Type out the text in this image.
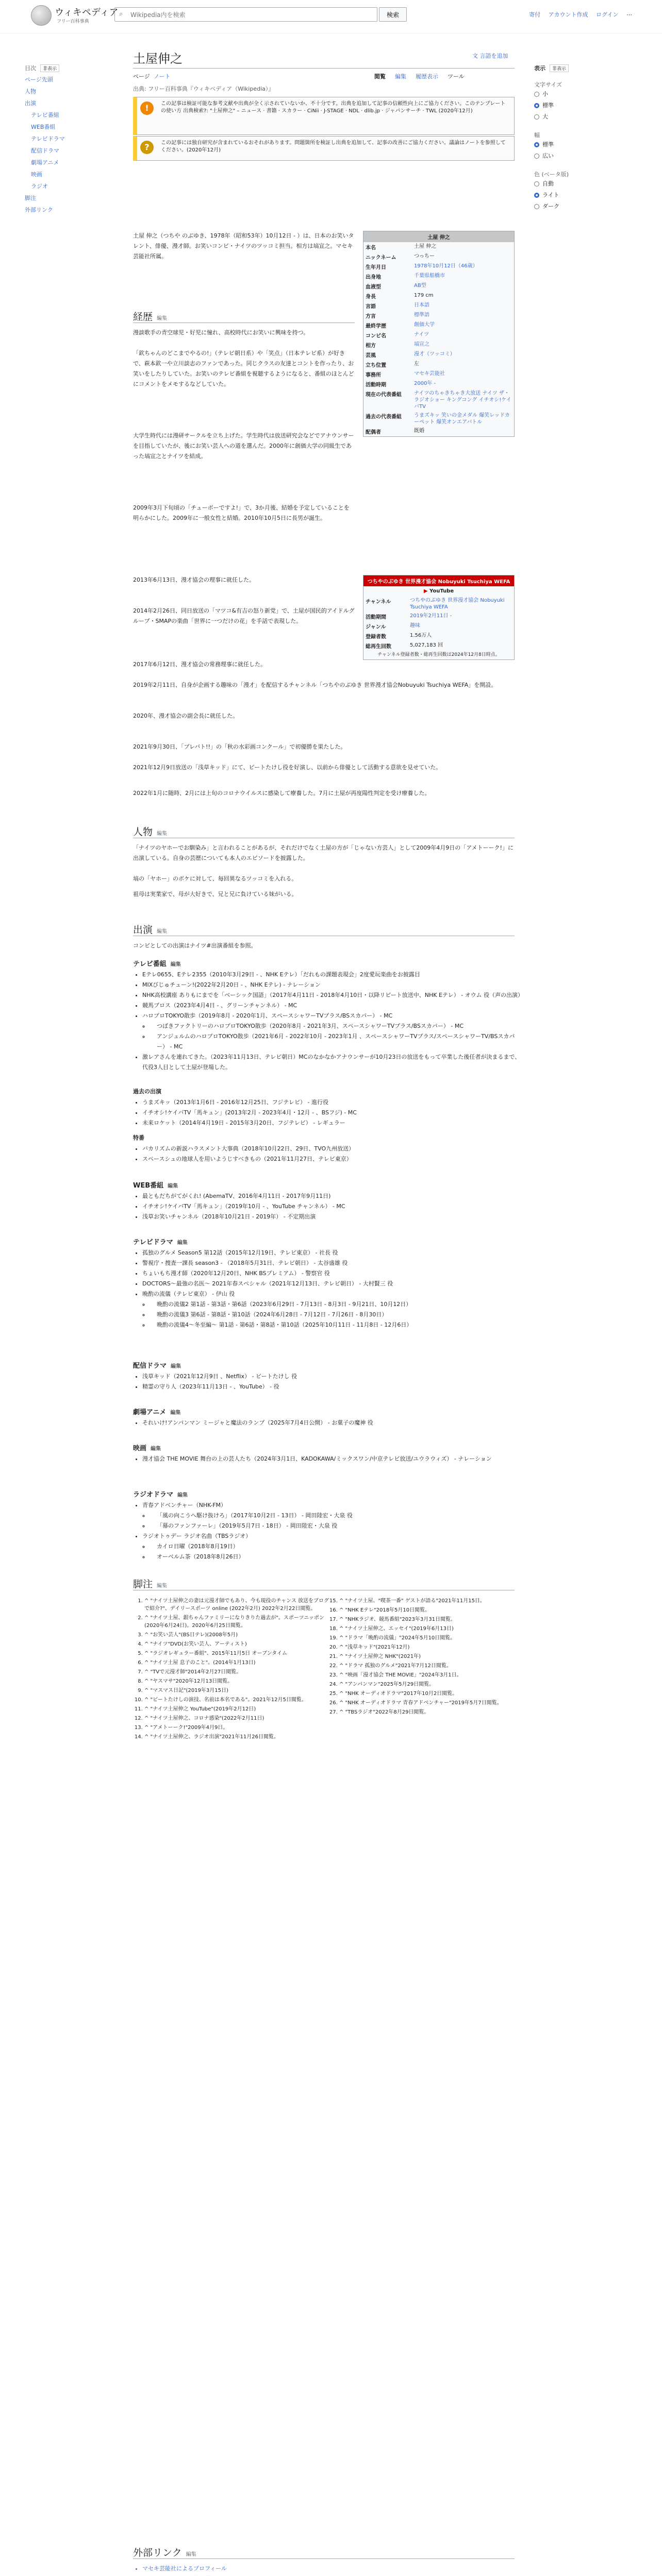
ウィキペディア
フリー百科事典
⌕
Wikipedia内を検索	検索	寄付 アカウント作成 ログイン ⋯
目次 非表示
ページ先頭
人物
出演
テレビ番組
WEB番組
テレビドラマ
配信ドラマ
劇場アニメ
映画
ラジオ
脚注
外部リンク
表示 非表示
文字サイズ
小
標準
大
幅
標準
広い
色 (ベータ版)
自動
ライト
ダーク
土屋伸之	文 言語を追加
ページ ノート	閲覧 編集 履歴表示 ツール
出典: フリー百科事典『ウィキペディア（Wikipedia）』
!	この記事は検証可能な参考文献や出典が全く示されていないか、不十分です。出典を追加して記事の信頼性向上にご協力ください。このテンプレートの使い方 出典検索?: "土屋伸之" – ニュース · 書籍 · スカラー · CiNii · J-STAGE · NDL · dlib.jp · ジャパンサーチ · TWL (2020年12月)
?	この記事には独自研究が含まれているおそれがあります。問題箇所を検証し出典を追加して、記事の改善にご協力ください。議論はノートを参照してください。(2020年12月)

土屋 伸之（つちや のぶゆき、1978年（昭和53年）10月12日 - ）は、日本のお笑いタレント、俳優、漫才師。お笑いコンビ・ナイツのツッコミ担当。相方は塙宣之。マセキ芸能社所属。

土屋 伸之
本名	土屋 伸之
ニックネーム	つっちー
生年月日	1978年10月12日（46歳）
出身地	千葉県船橋市
血液型	AB型
身長	179 cm
言語	日本語
方言	標準語
最終学歴	創価大学
コンビ名	ナイツ
相方	塙宣之
芸風	漫才（ツッコミ）
立ち位置	左
事務所	マセキ芸能社
活動時期	2000年 -
現在の代表番組	ナイツのちゃきちゃき大放送 ナイツ ザ・ラジオショー キングコング イチオシ!ケイバTV
過去の代表番組	うまズキッ 笑いの金メダル 爆笑レッドカーペット 爆笑オンエアバトル
配偶者	既婚
つちやのぶゆき 世界漫才協会 Nobuyuki Tsuchiya WEFA
▶ YouTube
チャンネル	つちやのぶゆき 世界漫才協会 Nobuyuki Tsuchiya WEFA
活動期間	2019年2月11日 -
ジャンル	趣味
登録者数	1.56万人
総再生回数	5,027,183 回
チャンネル登録者数・総再生回数は2024年12月8日時点。	
経歴 編集

漫談歌手の青空球児・好児に憧れ、高校時代にお笑いに興味を持つ。

「欽ちゃんのどこまでやるの!」（テレビ朝日系）や「笑点」（日本テレビ系）が好きで、萩本欽一や立川談志のファンであった。同じクラスの友達とコントを作ったり、お笑いをしたりしていた。お笑いのテレビ番組を視聴するようになると、番組のほとんどにコメントをメモするなどしていた。

大学生時代には漫研サークルを立ち上げた。学生時代は放送研究会などでアナウンサーを目指していたが、後にお笑い芸人への道を選んだ。2000年に創価大学の同級生であった塙宣之とナイツを結成。

2009年3月下旬頃の「チューボーですよ!」で、3か月後、結婚を予定していることを明らかにした。2009年に一般女性と結婚。2010年10月5日に長男が誕生。

2013年6月13日、漫才協会の理事に就任した。

2014年2月26日、同日放送の「マツコ&有吉の怒り新党」で、土屋が国民的アイドルグループ・SMAPの楽曲「世界に一つだけの花」を手話で表現した。

2017年6月12日、漫才協会の常務理事に就任した。

2019年2月11日、自身が企画する趣味の「漫才」を配信するチャンネル「つちやのぶゆき 世界漫才協会Nobuyuki Tsuchiya WEFA」を開設。

2020年、漫才協会の副会長に就任した。

2021年9月30日、「プレバト!!」の「秋の水彩画コンクール」で初優勝を果たした。

2021年12月9日放送の「浅草キッド」にて、ビートたけし役を好演し、以前から俳優として活動する意欲を見せていた。

2022年1月に随時、2月には上旬のコロナウイルスに感染して療養した。7月に土屋が再度陽性判定を受け療養した。

人物 編集

「ナイツのヤホーでお馴染み」と言われることがあるが、それだけでなく土屋の方が「じゃない方芸人」として2009年4月9日の「アメトーーク!」に出演している。自身の芸歴についても本人のエピソードを披露した。

塙の「ヤホー」のボケに対して、毎回異なるツッコミを入れる。

祖母は実業家で、母が大好きで、兄と兄に負けている妹がいる。

出演 編集

コンビとしての出演はナイツ#出演番組を参照。

テレビ番組 編集
• Eテレ0655、Eテレ2355（2010年3月29日 - 、NHK Eテレ）「だれもの課題表現会」2度愛玩楽曲をお披露目
• MIXびじゅチューン!(2022年2月20日 - 、NHK Eテレ) - ナレーション
• NHK高校講座 ありもにまでを「ベーシック国語」（2017年4月11日 - 2018年4月10日・以降リピート放送中、NHK Eテレ） - オウム 役（声の出演）
• 競馬ブロス（2023年4月4日 - 、グリーンチャンネル） - MC
• ハロプロTOKYO散歩（2019年8月 - 2020年1月、スペースシャワーTVプラス/BSスカパー） - MC
◦ つばきファクトリーのハロプロTOKYO散歩（2020年8月 - 2021年3月、スペースシャワーTVプラス/BSスカパー） - MC
◦ アンジュルムのハロプロTOKYO散歩（2021年6月 - 2022年10月 - 2023年1月 、スペースシャワーTVプラス/スペースシャワーTV/BSスカパー） - MC
• 激レアさんを連れてきた。（2023年11月13日、テレビ朝日）MCのなかなかアナウンサーが10月23日の放送をもって卒業した後任者が決まるまで、代役3人目として土屋が登場した。
過去の出演
• うまズキッ（2013年1月6日 - 2016年12月25日、フジテレビ） - 進行役
• イチオシ!ケイバTV「馬キュン」(2013年2月 - 2023年4月・12月 - 、BSフジ) - MC
• 未来ロケット（2014年4月19日 - 2015年3月20日、フジテレビ） - レギュラー
特番
• バカリズムの新説ハラスメント大事典（2018年10月22日、29日、TVO九州放送）
• スペースシュの地球人を用いようじすべきもの（2021年11月27日、テレビ東京）
WEB番組 編集
• 最ともだちがてがくれ! (AbemaTV、2016年4月11日 - 2017年9月11日)
• イチオシ!ケイバTV「馬キュン」（2019年10月 - 、YouTube チャンネル） - MC
• 浅草お笑いチャンネル（2018年10月21日 - 2019年） - 不定期出演
テレビドラマ 編集
• 孤独のグルメ Season5 第12話（2015年12月19日、テレビ東京） - 社長 役
• 警視庁・捜査一課長 season3 - （2018年5月31日、テレビ朝日） - 太谷盛雄 役
• ちょいもち漫才師（2020年12月20日、NHK BSプレミアム） - 警察官 役
• DOCTORS〜最強の名医〜 2021年春スペシャル（2021年12月13日、テレビ朝日） - 大村賢三 役
• 晩酌の流儀（テレビ東京） - 伊山 役
◦ 晩酌の流儀2 第1話 - 第3話・第6話（2023年6月29日 - 7月13日 - 8月3日 - 9月21日、10月12日）
◦ 晩酌の流儀3 第6話 - 第8話・第10話（2024年6月28日 - 7月12日 - 7月26日 - 8月30日）
◦ 晩酌の流儀4〜冬至編〜 第1話 - 第6話・第8話・第10話（2025年10月11日 - 11月8日 - 12月6日）
配信ドラマ 編集
• 浅草キッド（2021年12月9日 、Netflix） - ビートたけし 役
• 精霊の守り人（2023年11月13日 - 、YouTube） - 役
劇場アニメ 編集
• それいけ!アンパンマン ミージャと魔法のランプ（2025年7月4日公開） - お菓子の魔神 役
映画 編集
• 漫才協会 THE MOVIE 舞台の上の芸人たち（2024年3月1日、KADOKAWA/ミックスワン/中京テレビ放送/ユウラウィズ） - ナレーション
ラジオドラマ 編集
• 青春アドベンチャー（NHK-FM）
◦ 「風の向こうへ駆け抜けろ」（2017年10月2日 - 13日） - 岡田陸宏・大泉 役
◦ 「幕のファンファーレ」（2019年5月7日 - 18日） - 岡田陸宏・大泉 役
• ラジオトゥデー ラジオ名曲（TBSラジオ）
◦ カイロ日曜（2018年8月19日）
◦ オーベルム茶（2018年8月26日）
脚注 編集
1. ^ "ナイツ土屋伸之の妻は元漫才師でもあり、今も現役のチャンス 放送をブログで紹介?"、デイリースポーツ online (2022年2月) 2022年2月22日閲覧。
2. ^ "ナイツ土屋、銀ちゃんファミリーになりきりた過去が"。スポーツニッポン (2020年6月24日)。2020年6月25日閲覧。
3. ^ "お笑い芸人"(BS日テレ)(2008年5月)
4. ^ "ナイツ"DVD(お笑い芸人、アーティスト)
5. ^ "ラジオレギュラー番組"、2015年11月5日 オーブンタイム
6. ^ "ナイツ土屋 息子のこと"。(2014年1月13日)
7. ^ "TVで元漫才師"2014年2月27日閲覧。
8. ^ "ヤスマサ"2020年12月13日閲覧。
9. ^ "マスマス日記"(2019年3月15日)
10. ^ "ビートたけしの演技、名前は本名である"。2021年12月5日閲覧。
11. ^ "ナイツ土屋伸之 YouTube"(2019年2月12日)
12. ^ "ナイツ土屋伸之、コロナ感染"(2022年2月11日)
13. ^ "アメトーーク!"2009年4月9日。
14. ^ "ナイツ土屋伸之、ラジオ出演"2021年11月26日閲覧。
15. ^ "ナイツ土屋、"喫茶一番" ゲストが語る"2021年11月15日。
16. ^ "NHK Eテレ"2018年5月10日閲覧。
17. ^ "NHKラジオ、競馬番組"2023年3月31日閲覧。
18. ^ "ナイツ土屋伸之、エッセイ"(2019年6月13日)
19. ^ "ドラマ「晩酌の流儀」"2024年5月10日閲覧。
20. ^ "浅草キッド"(2021年12月)
21. ^ "ナイツ土屋伸之 NHK"(2021年)
22. ^ "ドラマ 孤独のグルメ"2021年7月12日閲覧。
23. ^ "映画「漫才協会 THE MOVIE」"2024年3月1日。
24. ^ "アンパンマン"2025年5月29日閲覧。
25. ^ "NHK オーディオドラマ"2017年10月2日閲覧。
26. ^ "NHK オーディオドラマ 青春アドベンチャー"2019年5月7日閲覧。
27. ^ "TBSラジオ"2022年8月29日閲覧。
外部リンク 編集
• マセキ芸能社によるプロフィール
•
